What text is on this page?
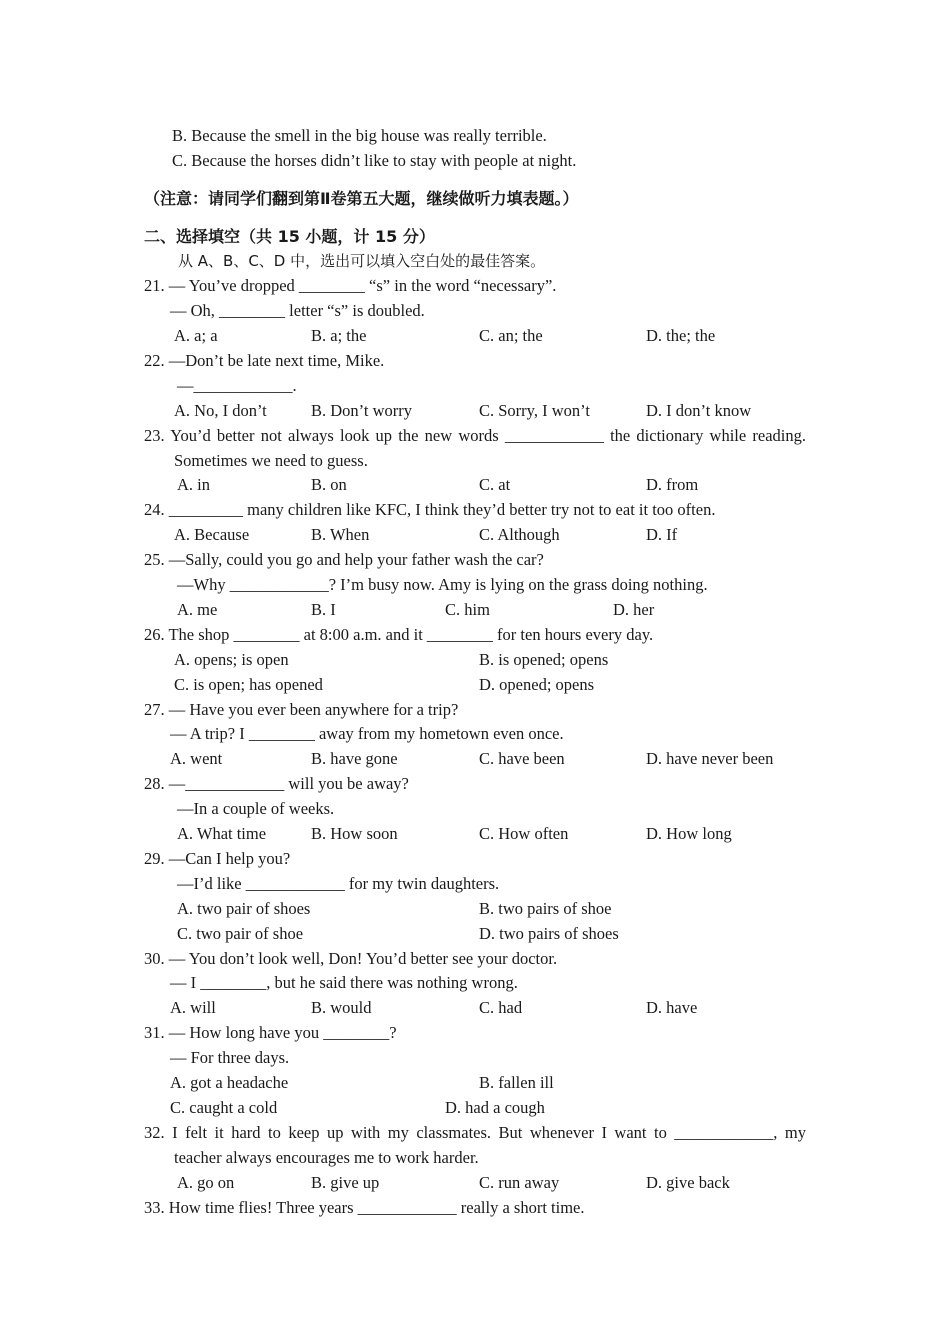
B. Because the smell in the big house was really terrible.
C. Because the horses didn’t like to stay with people at night.
（注意：请同学们翻到第Ⅱ卷第五大题，继续做听力填表题。）
二、选择填空（共 15 小题，计 15 分）
从 A、B、C、D 中，选出可以填入空白处的最佳答案。
21. — You’ve dropped ________ “s” in the word “necessary”.
— Oh, ________ letter “s” is doubled.
A. a; a	B. a; the	C. an; the	D. the; the
22. —Don’t be late next time, Mike.
—____________.
A. No, I don’t	B. Don’t worry	C. Sorry, I won’t	D. I don’t know
23. You’d better not always look up the new words ____________ the dictionary while reading.
Sometimes we need to guess.
A. in	B. on	C. at	D. from
24. _________ many children like KFC, I think they’d better try not to eat it too often.
A. Because	B. When	C. Although	D. If
25. —Sally, could you go and help your father wash the car?
—Why ____________? I’m busy now. Amy is lying on the grass doing nothing.
A. me	B. I	C. him	D. her
26. The shop ________ at 8:00 a.m. and it ________ for ten hours every day.
A. opens; is open	B. is opened; opens
C. is open; has opened	D. opened; opens
27. — Have you ever been anywhere for a trip?
— A trip? I ________ away from my hometown even once.
A. went	B. have gone	C. have been	D. have never been
28. —____________ will you be away?
—In a couple of weeks.
A. What time	B. How soon	C. How often	D. How long
29. —Can I help you?
—I’d like ____________ for my twin daughters.
A. two pair of shoes	B. two pairs of shoe
C. two pair of shoe	D. two pairs of shoes
30. — You don’t look well, Don! You’d better see your doctor.
— I ________, but he said there was nothing wrong.
A. will	B. would	C. had	D. have
31. — How long have you ________?
— For three days.
A. got a headache	B. fallen ill
C. caught a cold	D. had a cough
32. I felt it hard to keep up with my classmates. But whenever I want to ____________, my
teacher always encourages me to work harder.
A. go on	B. give up	C. run away	D. give back
33. How time flies! Three years ____________ really a short time.
